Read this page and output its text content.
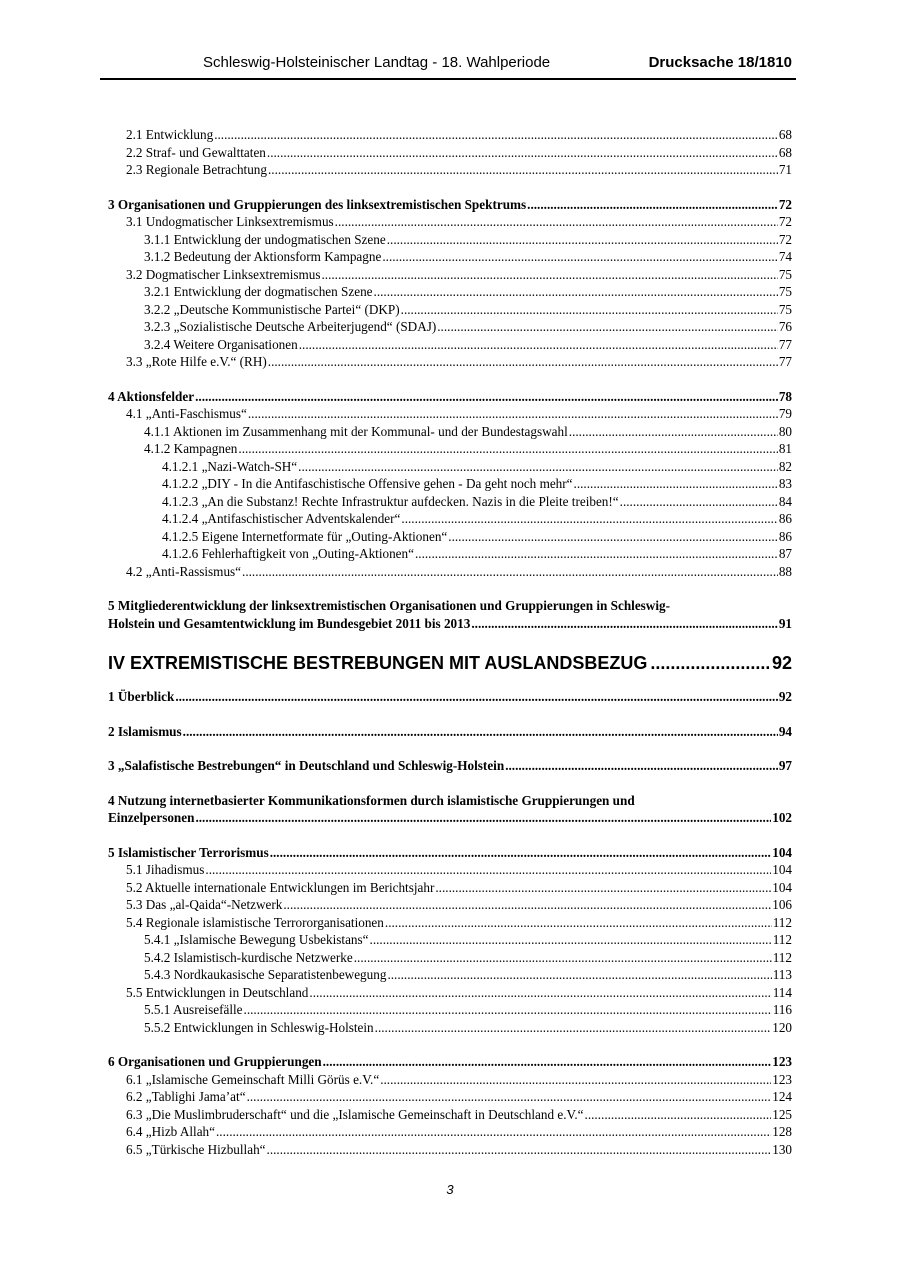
Schleswig-Holsteinischer Landtag - 18. Wahlperiode	Drucksache 18/1810
2.1 Entwicklung .....	68
2.2 Straf- und Gewalttaten .....	68
2.3 Regionale Betrachtung .....	71
3 Organisationen und Gruppierungen des linksextremistischen Spektrums .....	72
3.1 Undogmatischer Linksextremismus .....	72
3.1.1 Entwicklung der undogmatischen Szene .....	72
3.1.2 Bedeutung der Aktionsform Kampagne .....	74
3.2 Dogmatischer Linksextremismus .....	75
3.2.1 Entwicklung der dogmatischen Szene .....	75
3.2.2 „Deutsche Kommunistische Partei“ (DKP) .....	75
3.2.3 „Sozialistische Deutsche Arbeiterjugend“ (SDAJ) .....	76
3.2.4 Weitere Organisationen .....	77
3.3 „Rote Hilfe e.V.“ (RH) .....	77
4 Aktionsfelder .....	78
4.1 „Anti-Faschismus“ .....	79
4.1.1 Aktionen im Zusammenhang mit der Kommunal- und der Bundestagswahl .....	80
4.1.2 Kampagnen .....	81
4.1.2.1 „Nazi-Watch-SH“ .....	82
4.1.2.2 „DIY - In die Antifaschistische Offensive gehen - Da geht noch mehr“ .....	83
4.1.2.3 „An die Substanz! Rechte Infrastruktur aufdecken. Nazis in die Pleite treiben!“ .....	84
4.1.2.4 „Antifaschistischer Adventskalender“ .....	86
4.1.2.5 Eigene Internetformate für „Outing-Aktionen“ .....	86
4.1.2.6 Fehlerhaftigkeit von „Outing-Aktionen“ .....	87
4.2 „Anti-Rassismus“ .....	88
5 Mitgliederentwicklung der linksextremistischen Organisationen und Gruppierungen in Schleswig-
Holstein und Gesamtentwicklung im Bundesgebiet 2011 bis 2013 .....	91
IV EXTREMISTISCHE BESTREBUNGEN MIT AUSLANDSBEZUG .....	92
1 Überblick .....	92
2 Islamismus .....	94
3 „Salafistische Bestrebungen“ in Deutschland und Schleswig-Holstein .....	97
4 Nutzung internetbasierter Kommunikationsformen durch islamistische Gruppierungen und
Einzelpersonen .....	102
5 Islamistischer Terrorismus .....	104
5.1 Jihadismus .....	104
5.2 Aktuelle internationale Entwicklungen im Berichtsjahr .....	104
5.3 Das „al-Qaida“-Netzwerk .....	106
5.4 Regionale islamistische Terrororganisationen .....	112
5.4.1 „Islamische Bewegung Usbekistans“ .....	112
5.4.2 Islamistisch-kurdische Netzwerke .....	112
5.4.3 Nordkaukasische Separatistenbewegung .....	113
5.5 Entwicklungen in Deutschland .....	114
5.5.1 Ausreisefälle .....	116
5.5.2 Entwicklungen in Schleswig-Holstein .....	120
6 Organisationen und Gruppierungen .....	123
6.1 „Islamische Gemeinschaft Milli Görüs e.V.“ .....	123
6.2 „Tablighi Jama’at“ .....	124
6.3 „Die Muslimbruderschaft“ und die „Islamische Gemeinschaft in Deutschland e.V.“ .....	125
6.4 „Hizb Allah“ .....	128
6.5 „Türkische Hizbullah“ .....	130
3
